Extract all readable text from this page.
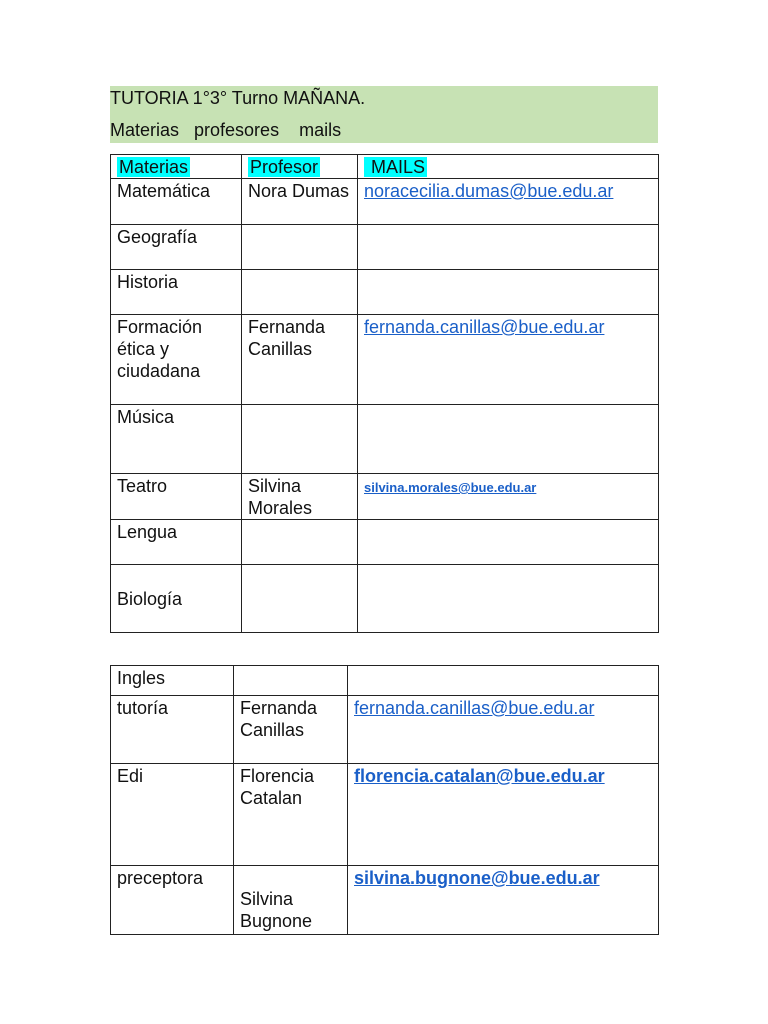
TUTORIA 1°3° Turno MAÑANA.
Materias   profesores    mails
Materias	Profesor	MAILS
Matemática	Nora Dumas	noracecilia.dumas@bue.edu.ar
Geografía		
Historia		
Formación ética y ciudadana	Fernanda Canillas	fernanda.canillas@bue.edu.ar
Música		
Teatro	Silvina Morales	silvina.morales@bue.edu.ar
Lengua		
Biología		
Ingles		
tutoría	Fernanda Canillas	fernanda.canillas@bue.edu.ar
Edi	Florencia Catalan	florencia.catalan@bue.edu.ar
preceptora	Silvina Bugnone	silvina.bugnone@bue.edu.ar
